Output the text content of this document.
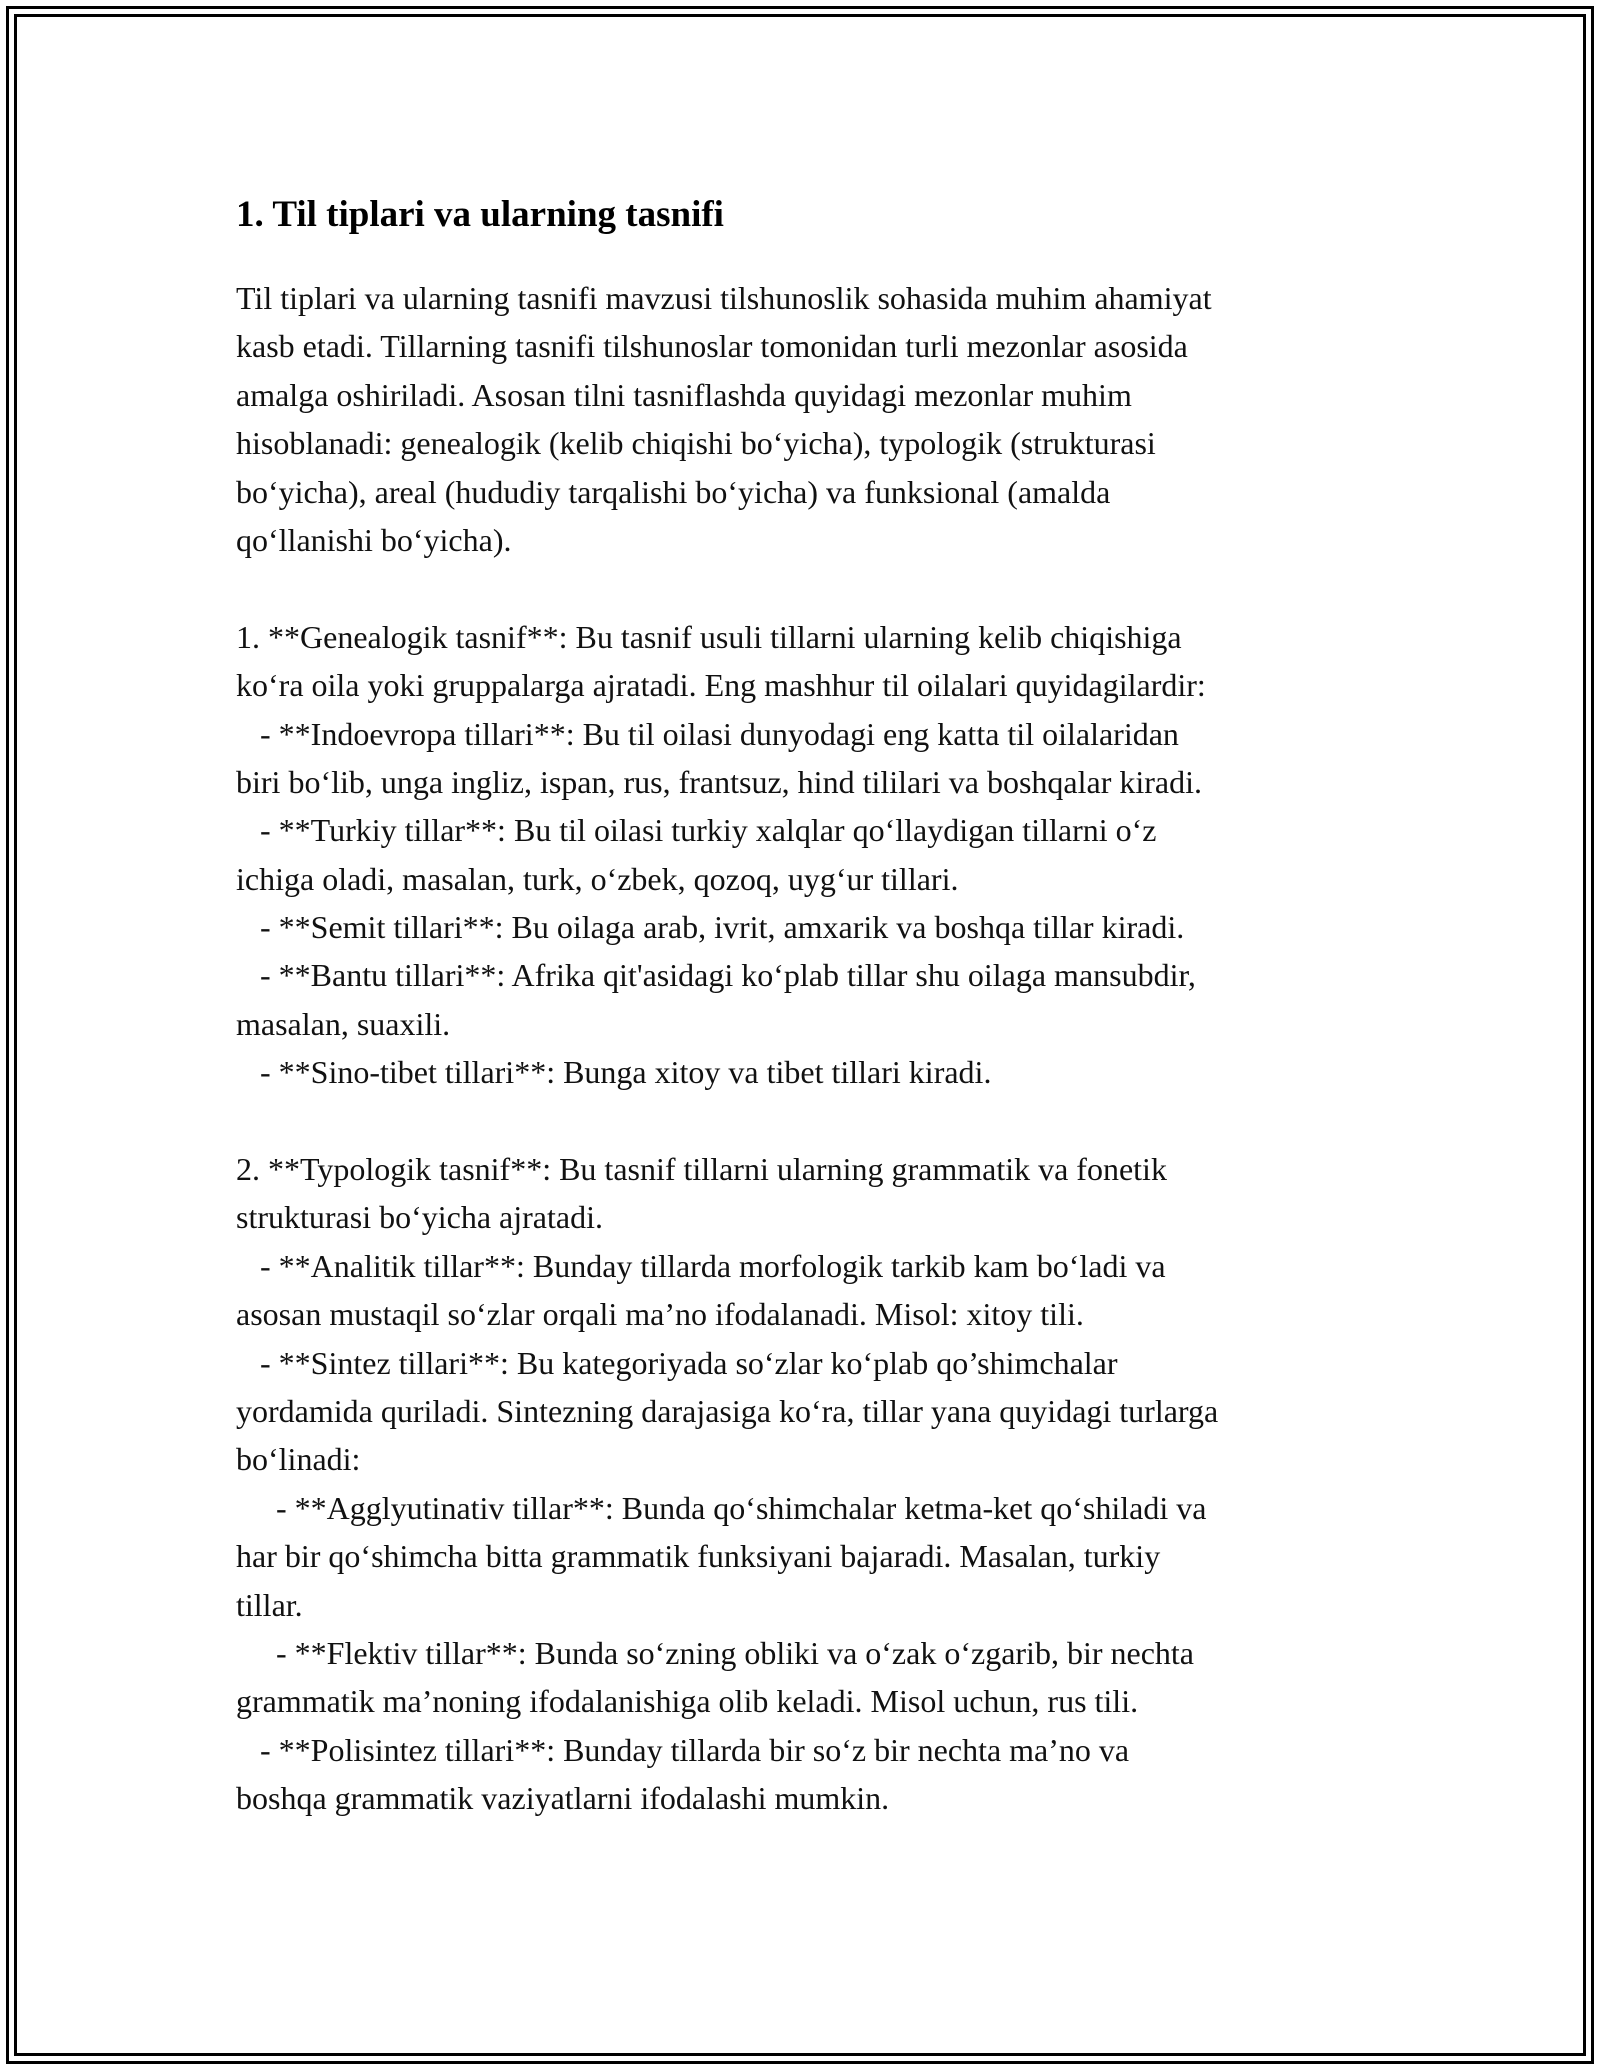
1. Til tiplari va ularning tasnifi
Til tiplari va ularning tasnifi mavzusi tilshunoslik sohasida muhim ahamiyat
kasb etadi. Tillarning tasnifi tilshunoslar tomonidan turli mezonlar asosida
amalga oshiriladi. Asosan tilni tasniflashda quyidagi mezonlar muhim
hisoblanadi: genealogik (kelib chiqishi boʻyicha), typologik (strukturasi
boʻyicha), areal (hududiy tarqalishi boʻyicha) va funksional (amalda
qoʻllanishi boʻyicha).
1. **Genealogik tasnif**: Bu tasnif usuli tillarni ularning kelib chiqishiga
koʻra oila yoki gruppalarga ajratadi. Eng mashhur til oilalari quyidagilardir:
- **Indoevropa tillari**: Bu til oilasi dunyodagi eng katta til oilalaridan
biri boʻlib, unga ingliz, ispan, rus, frantsuz, hind tililari va boshqalar kiradi.
- **Turkiy tillar**: Bu til oilasi turkiy xalqlar qoʻllaydigan tillarni oʻz
ichiga oladi, masalan, turk, oʻzbek, qozoq, uygʻur tillari.
- **Semit tillari**: Bu oilaga arab, ivrit, amxarik va boshqa tillar kiradi.
- **Bantu tillari**: Afrika qit'asidagi koʻplab tillar shu oilaga mansubdir,
masalan, suaxili.
- **Sino-tibet tillari**: Bunga xitoy va tibet tillari kiradi.
2. **Typologik tasnif**: Bu tasnif tillarni ularning grammatik va fonetik
strukturasi boʻyicha ajratadi.
- **Analitik tillar**: Bunday tillarda morfologik tarkib kam boʻladi va
asosan mustaqil soʻzlar orqali ma’no ifodalanadi. Misol: xitoy tili.
- **Sintez tillari**: Bu kategoriyada soʻzlar koʻplab qo’shimchalar
yordamida quriladi. Sintezning darajasiga koʻra, tillar yana quyidagi turlarga
boʻlinadi:
- **Agglyutinativ tillar**: Bunda qoʻshimchalar ketma-ket qoʻshiladi va
har bir qoʻshimcha bitta grammatik funksiyani bajaradi. Masalan, turkiy
tillar.
- **Flektiv tillar**: Bunda soʻzning obliki va oʻzak oʻzgarib, bir nechta
grammatik ma’noning ifodalanishiga olib keladi. Misol uchun, rus tili.
- **Polisintez tillari**: Bunday tillarda bir soʻz bir nechta ma’no va
boshqa grammatik vaziyatlarni ifodalashi mumkin.
